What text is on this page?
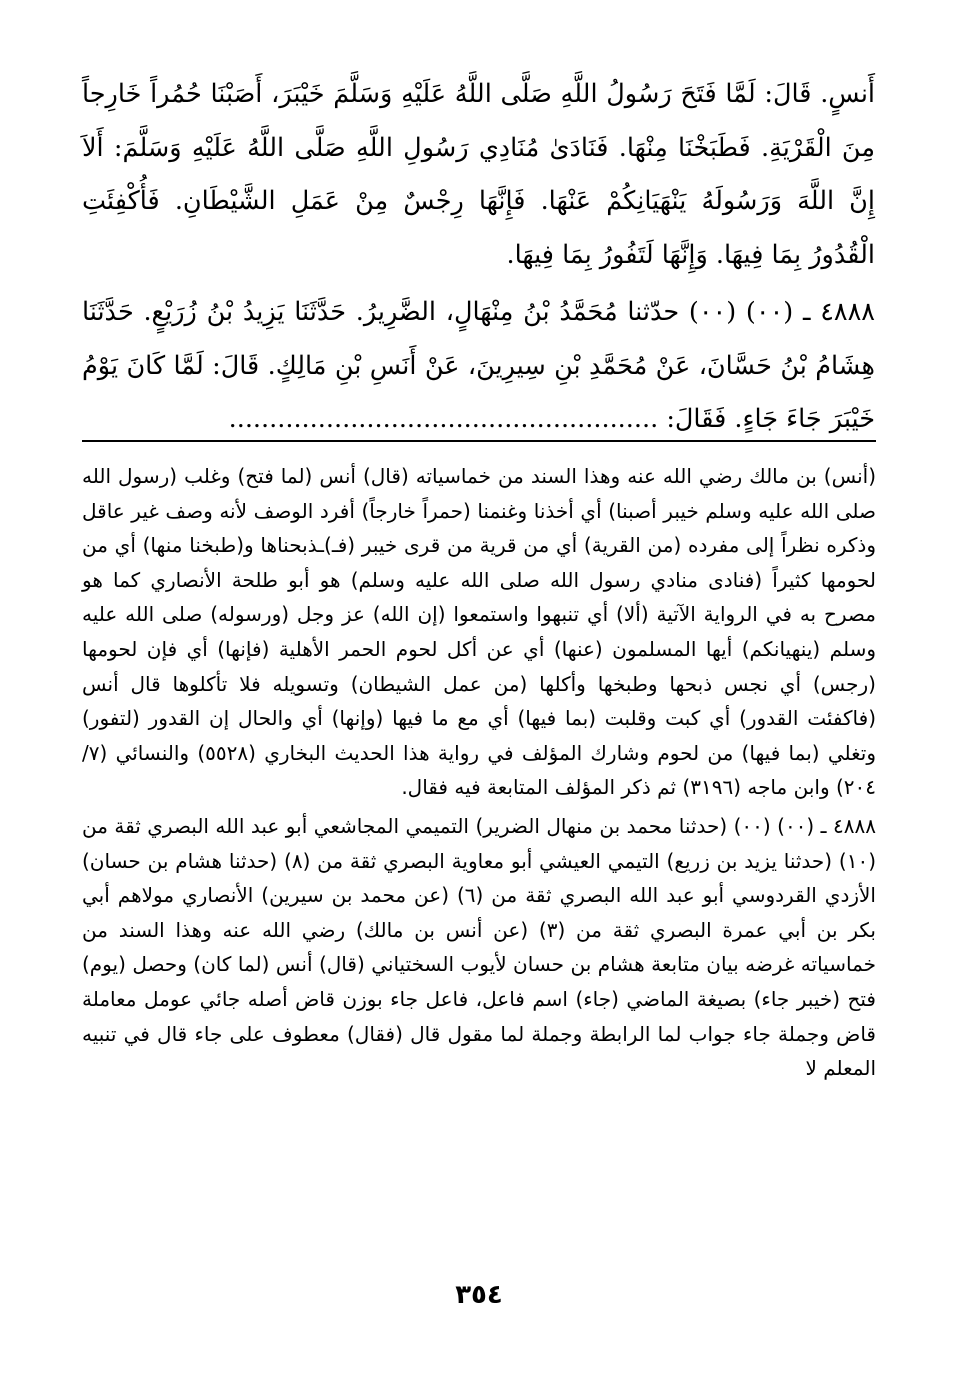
أَنسٍ. قَالَ: لَمَّا فَتَحَ رَسُولُ اللَّهِ صَلَّى اللَّهُ عَلَيْهِ وَسَلَّمَ خَيْبَرَ، أَصَبْنَا حُمُراً خَارِجاً مِنَ الْقَرْيَةِ. فَطَبَخْنَا مِنْهَا. فَنَادَىٰ مُنَادِي رَسُولِ اللَّهِ صَلَّى اللَّهُ عَلَيْهِ وَسَلَّمَ: أَلاَ إِنَّ اللَّهَ وَرَسُولَهُ يَنْهَيَانِكُمْ عَنْهَا. فَإِنَّهَا رِجْسٌ مِنْ عَمَلِ الشَّيْطَانِ. فَأُكْفِئَتِ الْقُدُورُ بِمَا فِيهَا. وَإِنَّهَا لَتَفُورُ بِمَا فِيهَا.

٤٨٨٨ ـ (٠٠) (٠٠) حدّثنا مُحَمَّدُ بْنُ مِنْهَالٍ، الضَّرِيرُ. حَدَّثَنَا يَزِيدُ بْنُ زُرَيْعٍ. حَدَّثَنَا هِشَامُ بْنُ حَسَّانَ، عَنْ مُحَمَّدِ بْنِ سِيرِينَ، عَنْ أَنَسِ بْنِ مَالِكٍ. قَالَ: لَمَّا كَانَ يَوْمُ خَيْبَرَ جَاءَ جَاءٍ. فَقَالَ: .....................................................

(أنس) بن مالك رضي الله عنه وهذا السند من خماسياته (قال) أنس (لما فتح) وغلب (رسول الله صلى الله عليه وسلم خيبر أصبنا) أي أخذنا وغنمنا (حمراً خارجاً) أفرد الوصف لأنه وصف غير عاقل وذكره نظراً إلى مفرده (من القرية) أي من قرية من قرى خيبر (فـ)ـذبحناها و(طبخنا منها) أي من لحومها كثيراً (فنادى منادي رسول الله صلى الله عليه وسلم) هو أبو طلحة الأنصاري كما هو مصرح به في الرواية الآتية (ألا) أي تنبهوا واستمعوا (إن الله) عز وجل (ورسوله) صلى الله عليه وسلم (ينهيانكم) أيها المسلمون (عنها) أي عن أكل لحوم الحمر الأهلية (فإنها) أي فإن لحومها (رجس) أي نجس ذبحها وطبخها وأكلها (من عمل الشيطان) وتسويله فلا تأكلوها قال أنس (فاكفئت القدور) أي كبت وقلبت (بما فيها) أي مع ما فيها (وإنها) أي والحال إن القدور (لتفور) وتغلي (بما فيها) من لحوم وشارك المؤلف في رواية هذا الحديث البخاري (٥٥٢٨) والنسائي (٧/ ٢٠٤) وابن ماجه (٣١٩٦) ثم ذكر المؤلف المتابعة فيه فقال.

٤٨٨٨ ـ (٠٠) (٠٠) (حدثنا محمد بن منهال الضرير) التميمي المجاشعي أبو عبد الله البصري ثقة من (١٠) (حدثنا يزيد بن زريع) التيمي العيشي أبو معاوية البصري ثقة من (٨) (حدثنا هشام بن حسان) الأزدي القردوسي أبو عبد الله البصري ثقة من (٦) (عن محمد بن سيرين) الأنصاري مولاهم أبي بكر بن أبي عمرة البصري ثقة من (٣) (عن أنس بن مالك) رضي الله عنه وهذا السند من خماسياته غرضه بيان متابعة هشام بن حسان لأيوب السختياني (قال) أنس (لما كان) وحصل (يوم) فتح (خيبر جاء) بصيغة الماضي (جاء) اسم فاعل، فاعل جاء بوزن قاض أصله جائي عومل معاملة قاض وجملة جاء جواب لما الرابطة وجملة لما مقول قال (فقال) معطوف على جاء قال في تنبيه المعلم لا

٣٥٤
